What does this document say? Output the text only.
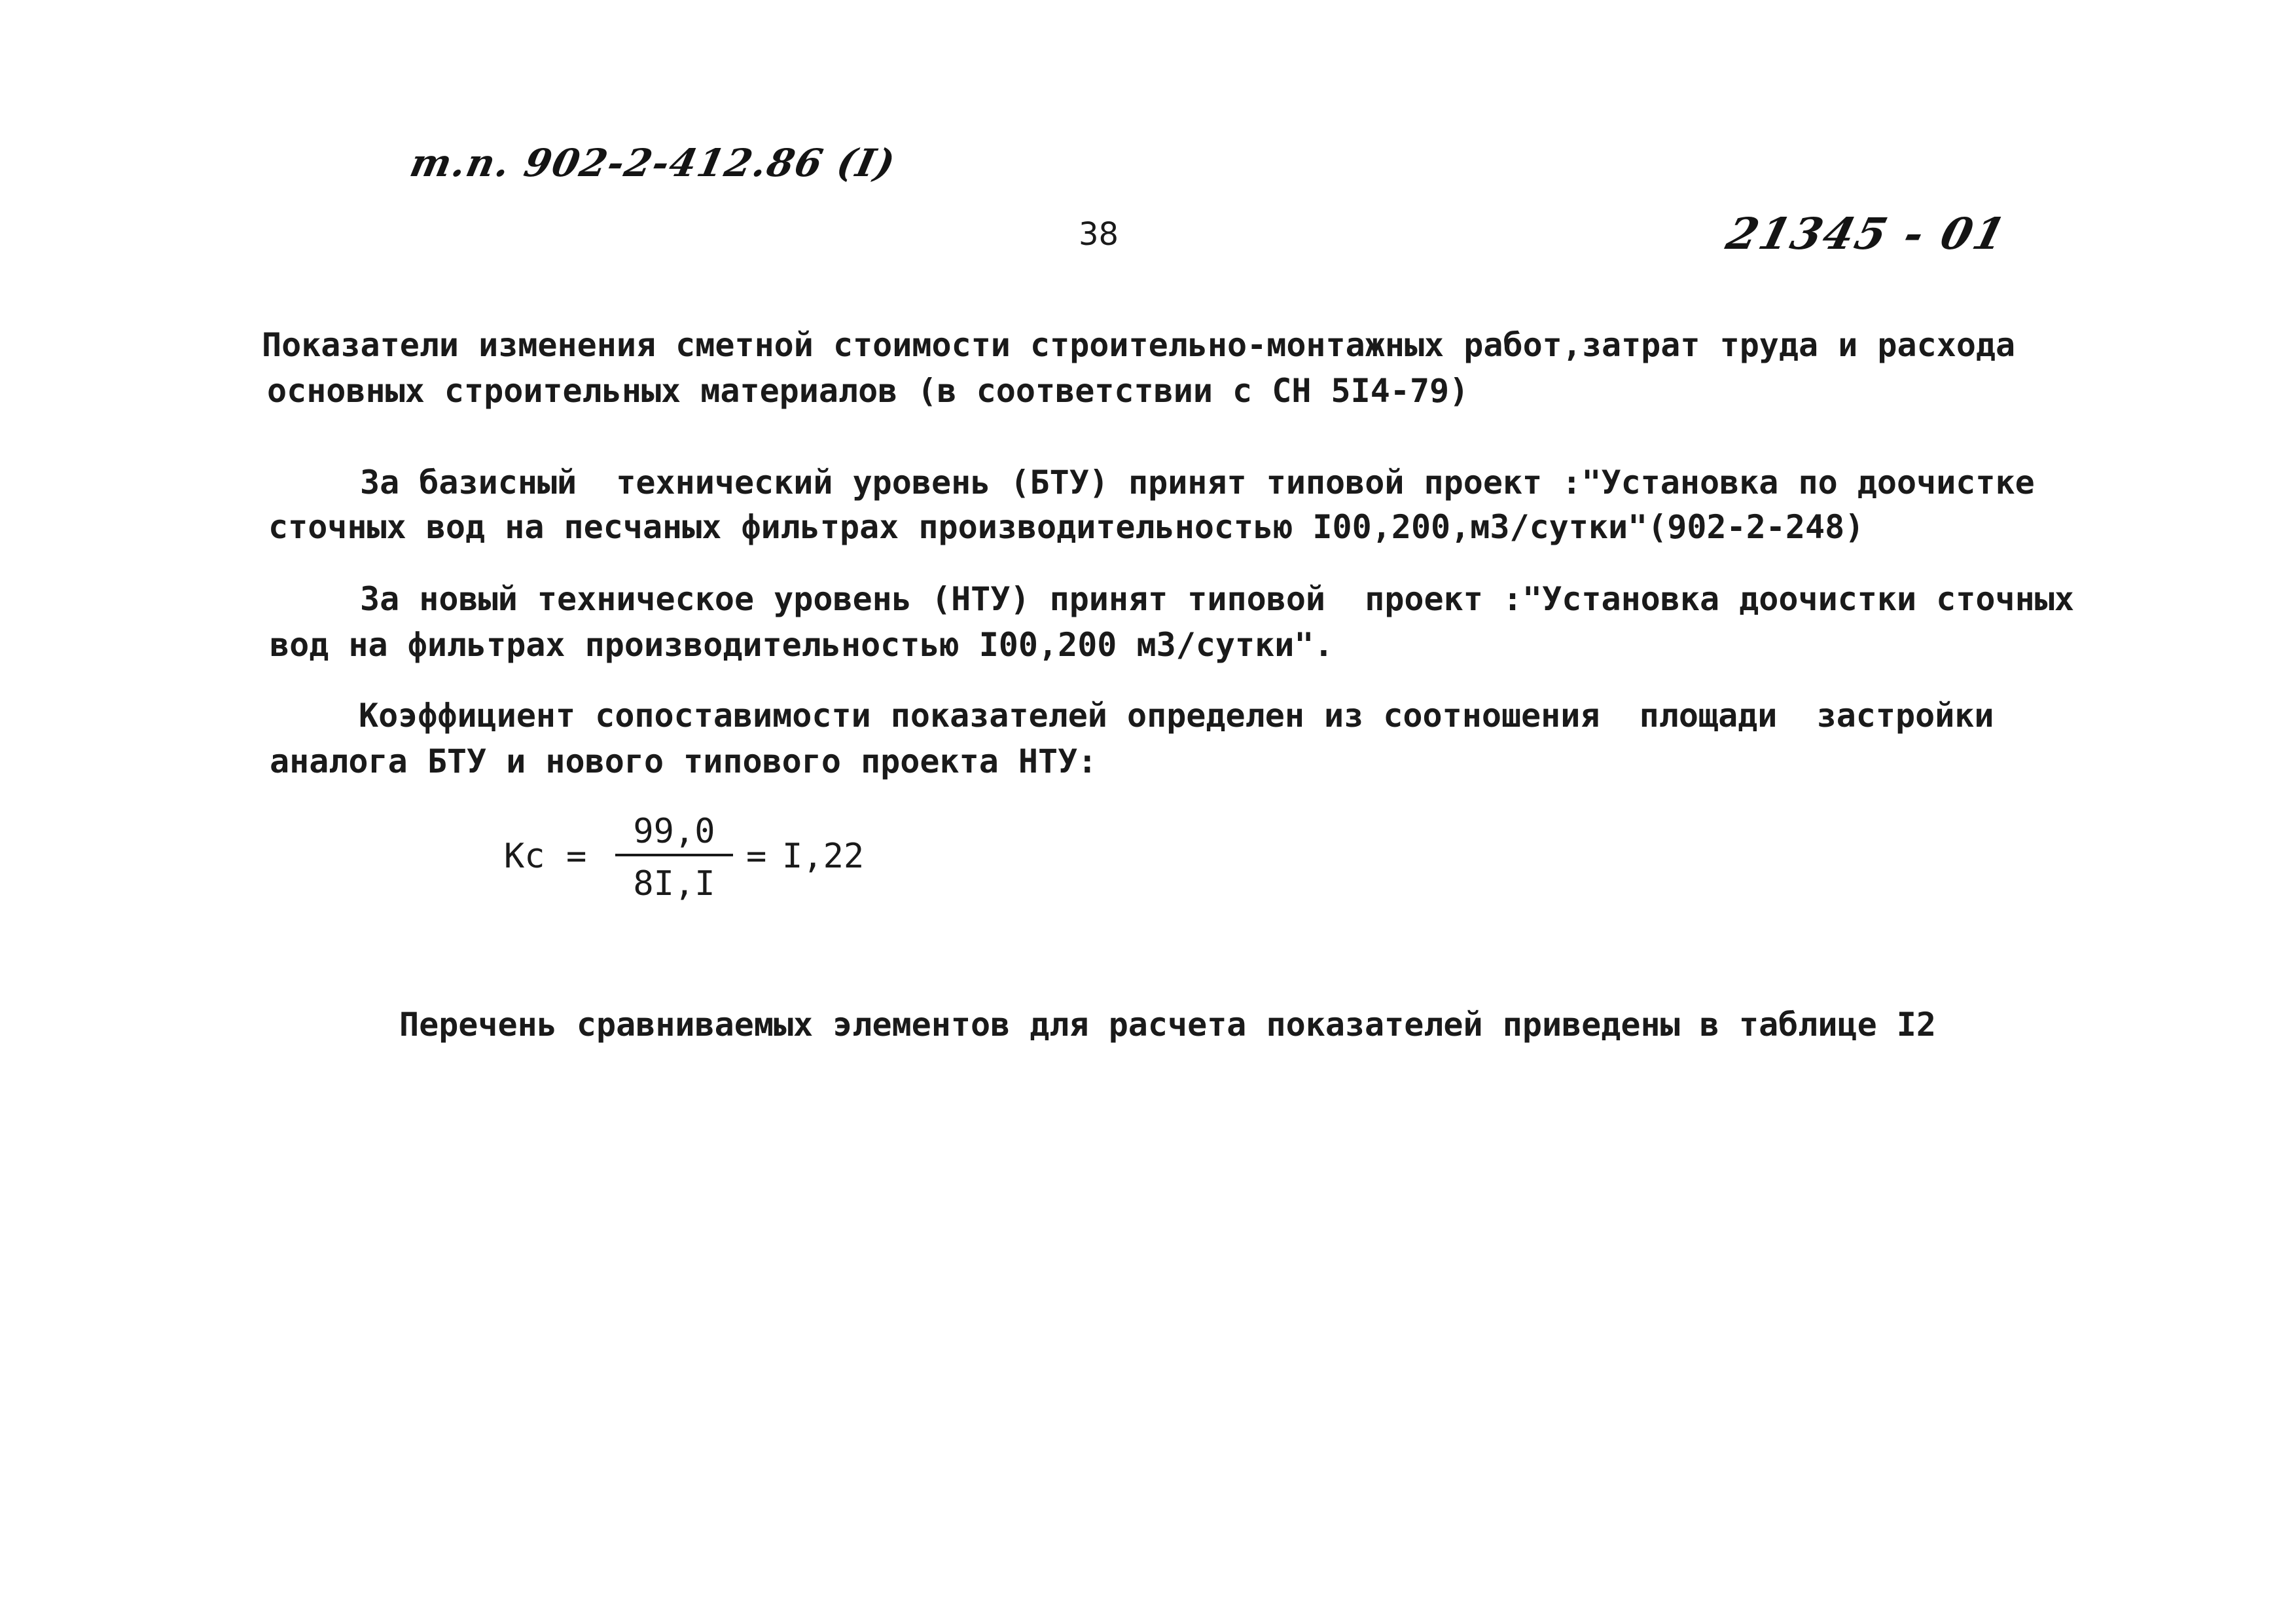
т.п. 902-2-412.86 (I)
38	21345 - 01
Показатели изменения сметной стоимости строительно-монтажных работ,затрат труда и расхода
основных строительных материалов (в соответствии с СН 5I4-79)
За базисный  технический уровень (БТУ) принят типовой проект :"Установка по доочистке
сточных вод на песчаных фильтрах производительностью I00,200,м3/сутки"(902-2-248)
За новый техническое уровень (НТУ) принят типовой  проект :"Установка доочистки сточных
вод на фильтрах производительностью I00,200 м3/сутки".
Коэффициент сопоставимости показателей определен из соотношения  площади  застройки
аналога БТУ и нового типового проекта НТУ:
Кс =
99,0
8I,I
= I,22
Перечень сравниваемых элементов для расчета показателей приведены в таблице I2
